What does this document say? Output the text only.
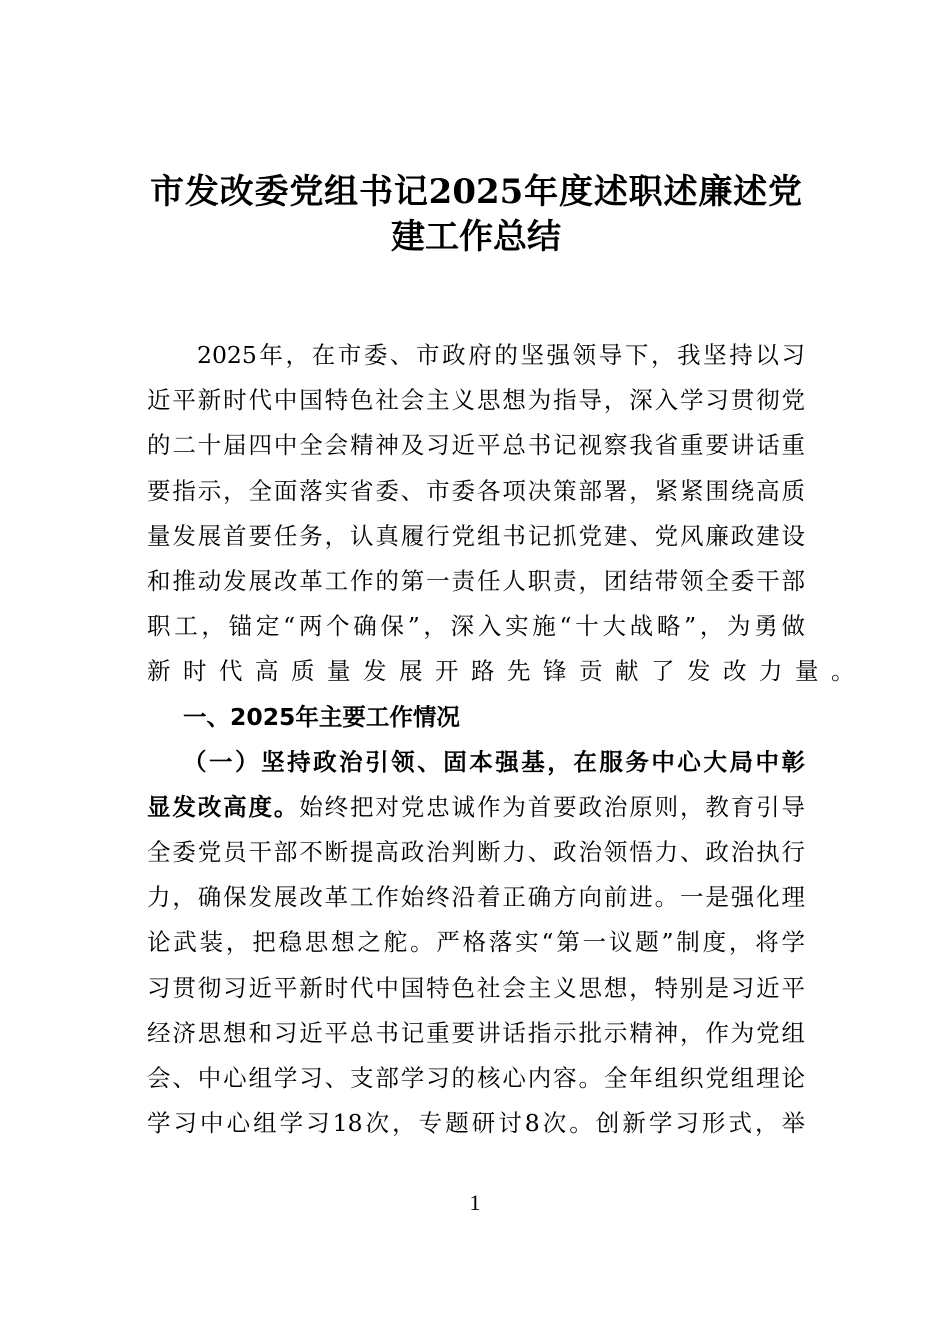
市发改委党组书记2025年度述职述廉述党
建工作总结
2025年，在市委、市政府的坚强领导下，我坚持以习
近平新时代中国特色社会主义思想为指导，深入学习贯彻党
的二十届四中全会精神及习近平总书记视察我省重要讲话重
要指示，全面落实省委、市委各项决策部署，紧紧围绕高质
量发展首要任务，认真履行党组书记抓党建、党风廉政建设
和推动发展改革工作的第一责任人职责，团结带领全委干部
职工，锚定“两个确保”，深入实施“十大战略”，为勇做
新时代高质量发展开路先锋贡献了发改力量。
一、2025年主要工作情况
（一）坚持政治引领、固本强基，在服务中心大局中彰
显发改高度。始终把对党忠诚作为首要政治原则，教育引导
全委党员干部不断提高政治判断力、政治领悟力、政治执行
力，确保发展改革工作始终沿着正确方向前进。一是强化理
论武装，把稳思想之舵。严格落实“第一议题”制度，将学
习贯彻习近平新时代中国特色社会主义思想，特别是习近平
经济思想和习近平总书记重要讲话指示批示精神，作为党组
会、中心组学习、支部学习的核心内容。全年组织党组理论
学习中心组学习18次，专题研讨8次。创新学习形式，举
1
